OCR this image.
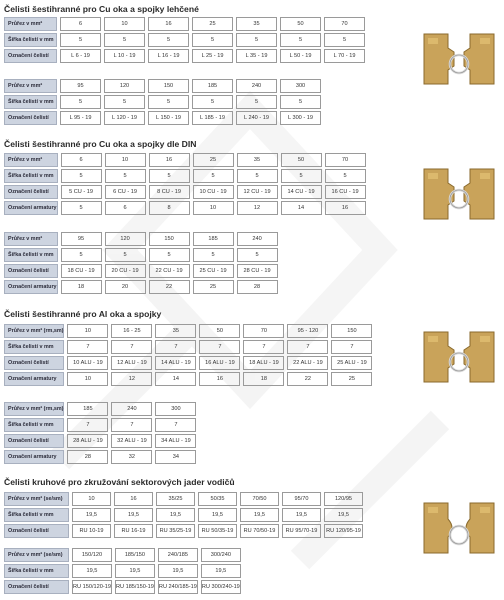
Čelisti šestihranné pro Cu oka a spojky lehčené
Průřez v mm²	6	10	16	25	35	50	70
Šířka čelistí v mm	5	5	5	5	5	5	5
Označení čelistí	L 6 - 19	L 10 - 19	L 16 - 19	L 25 - 19	L 35 - 19	L 50 - 19	L 70 - 19
Průřez v mm²	95	120	150	185	240	300
Šířka čelistí v mm	5	5	5	5	5	5
Označení čelistí	L 95 - 19	L 120 - 19	L 150 - 19	L 185 - 19	L 240 - 19	L 300 - 19
Čelisti šestihranné pro Cu oka a spojky dle DIN
Průřez v mm²	6	10	16	25	35	50	70
Šířka čelistí v mm	5	5	5	5	5	5	5
Označení čelistí	5 CU - 19	6 CU - 19	8 CU - 19	10 CU - 19	12 CU - 19	14 CU - 19	16 CU - 19
Označení armatury	5	6	8	10	12	14	16
Průřez v mm²	95	120	150	185	240
Šířka čelistí v mm	5	5	5	5	5
Označení čelistí	18 CU - 19	20 CU - 19	22 CU - 19	25 CU - 19	28 CU - 19
Označení armatury	18	20	22	25	28
Čelisti šestihranné pro Al oka a spojky
Průřez v mm² (rm,sm)	10	16 - 25	35	50	70	95 - 120	150
Šířka čelistí v mm	7	7	7	7	7	7	7
Označení čelistí	10 ALU - 19	12 ALU - 19	14 ALU - 19	16 ALU - 19	18 ALU - 19	22 ALU - 19	25 ALU - 19
Označení armatury	10	12	14	16	18	22	25
Průřez v mm² (rm,sm)	185	240	300
Šířka čelistí v mm	7	7	7
Označení čelistí	28 ALU - 19	32 ALU - 19	34 ALU - 19
Označení armatury	28	32	34
Čelisti kruhové pro zkružování sektorových jader vodičů
Průřez v mm² (se/sm)	10	16	35/25	50/35	70/50	95/70	120/95
Šířka čelistí v mm	19,5	19,5	19,5	19,5	19,5	19,5	19,5
Označení čelistí	RU 10-19	RU 16-19	RU 35/25-19	RU 50/35-19	RU 70/50-19	RU 95/70-19	RU 120/95-19
Průřez v mm² (se/sm)	150/120	185/150	240/185	300/240
Šířka čelistí v mm	19,5	19,5	19,5	19,5
Označení čelistí	RU 150/120-19	RU 185/150-19	RU 240/185-19	RU 300/240-19
